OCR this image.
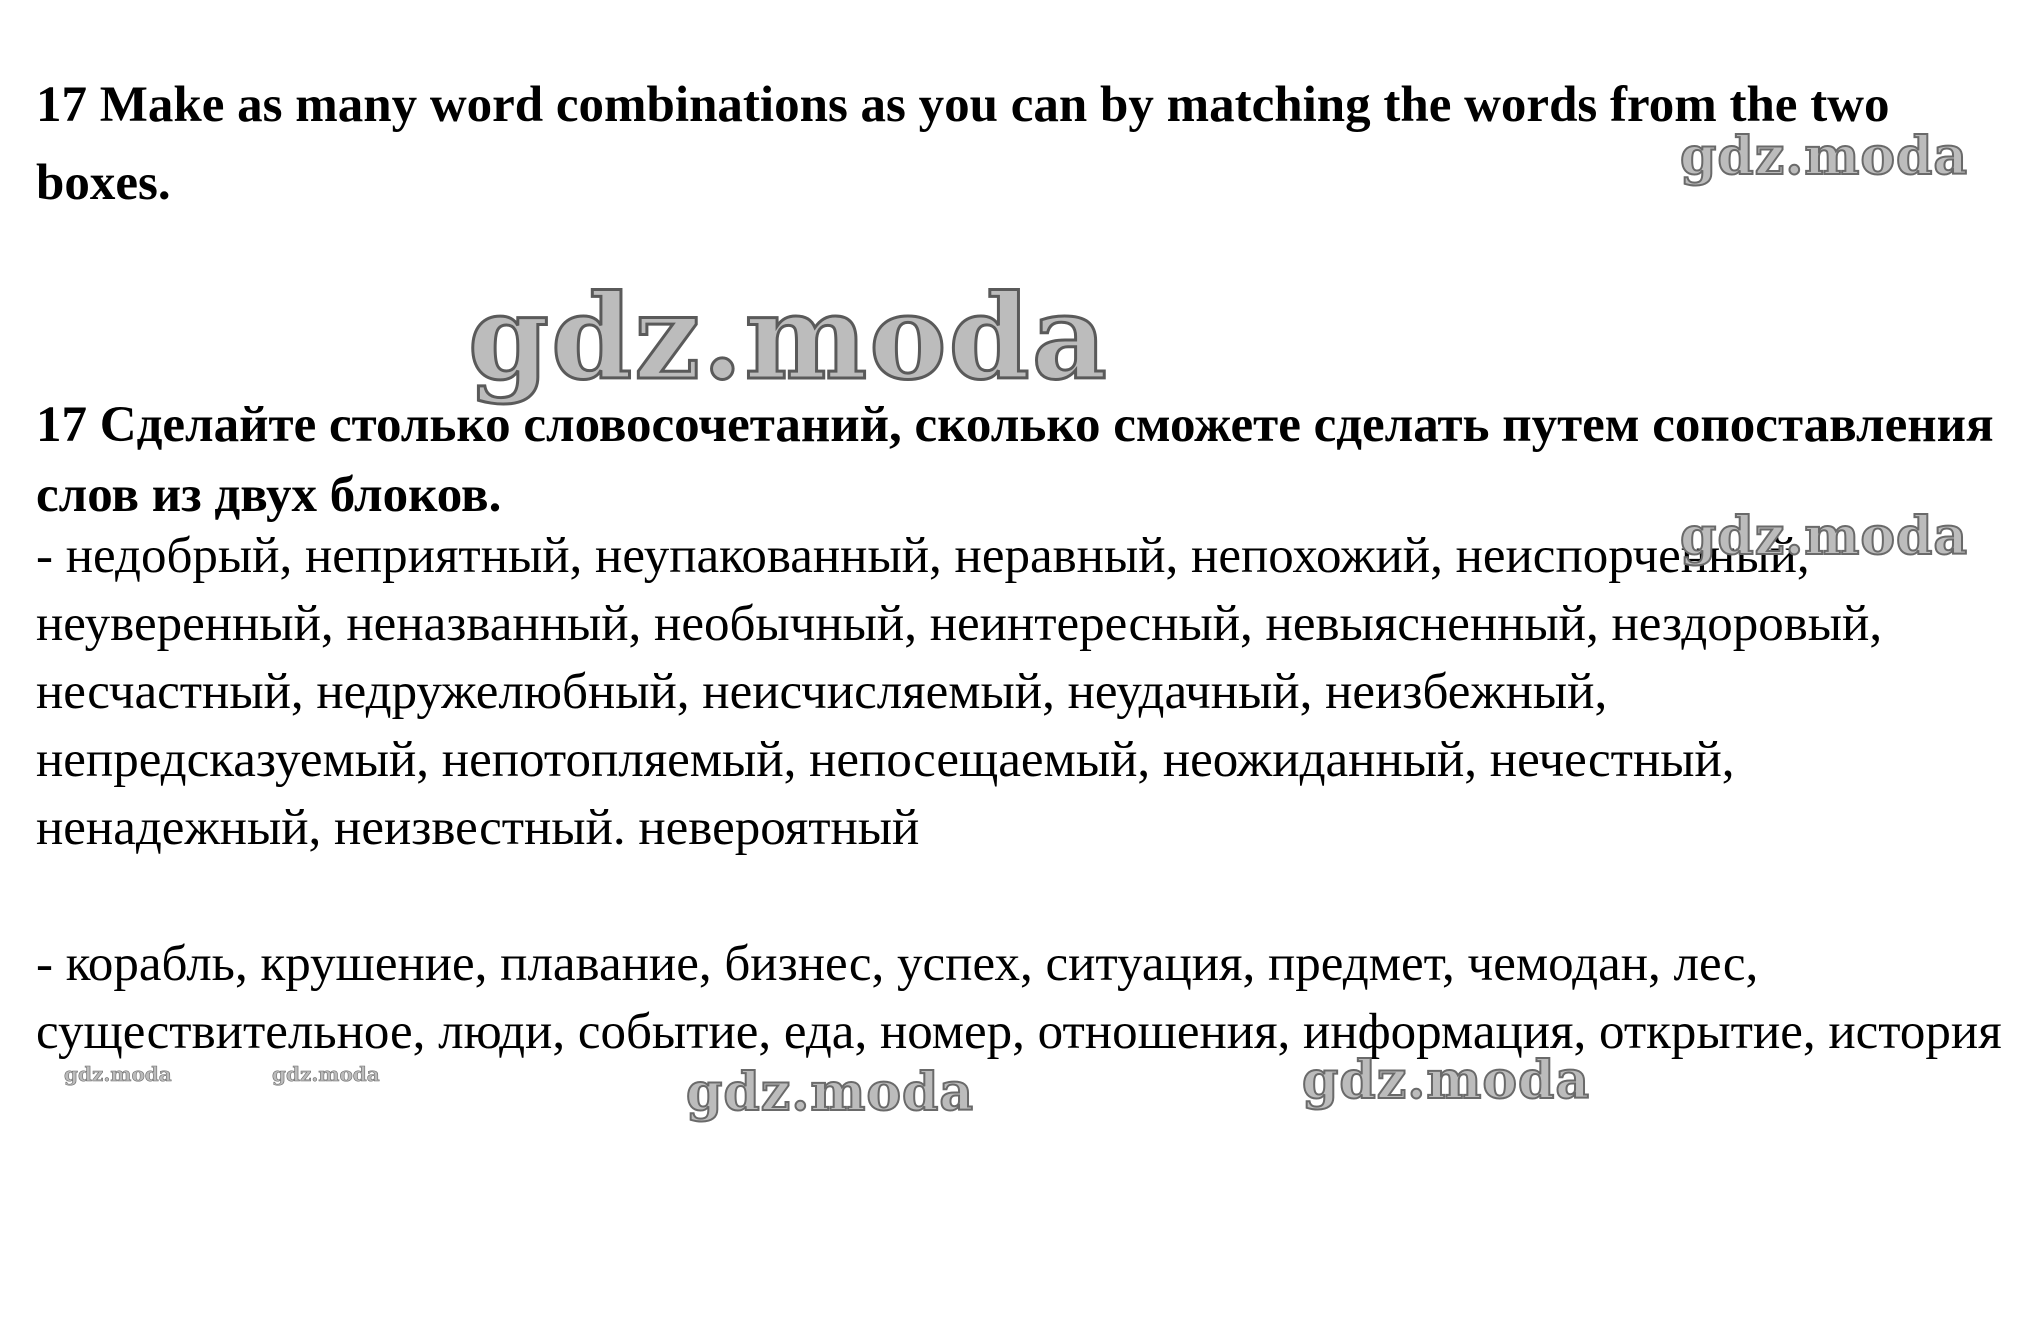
17 Make as many word combinations as you can by matching the words from the two boxes.

gdz.moda
gdz.moda

17 Сделайте столько словосочетаний, сколько сможете сделать путем сопоставления слов из двух блоков.

- недобрый, неприятный, неупакованный, неравный, непохожий, неиспорченный, неуверенный, неназванный, необычный, неинтересный, невыясненный, нездоровый, несчастный, недружелюбный, неисчисляемый, неудачный, неизбежный, непредсказуемый, непотопляемый, непосещаемый, неожиданный, нечестный, ненадежный, неизвестный. невероятный

gdz.moda

- корабль, крушение, плавание, бизнес, успех, ситуация, предмет, чемодан, лес, существительное, люди, событие, еда, номер, отношения, информация, открытие, история

gdz.moda	gdz.moda	gdz.moda	gdz.moda
